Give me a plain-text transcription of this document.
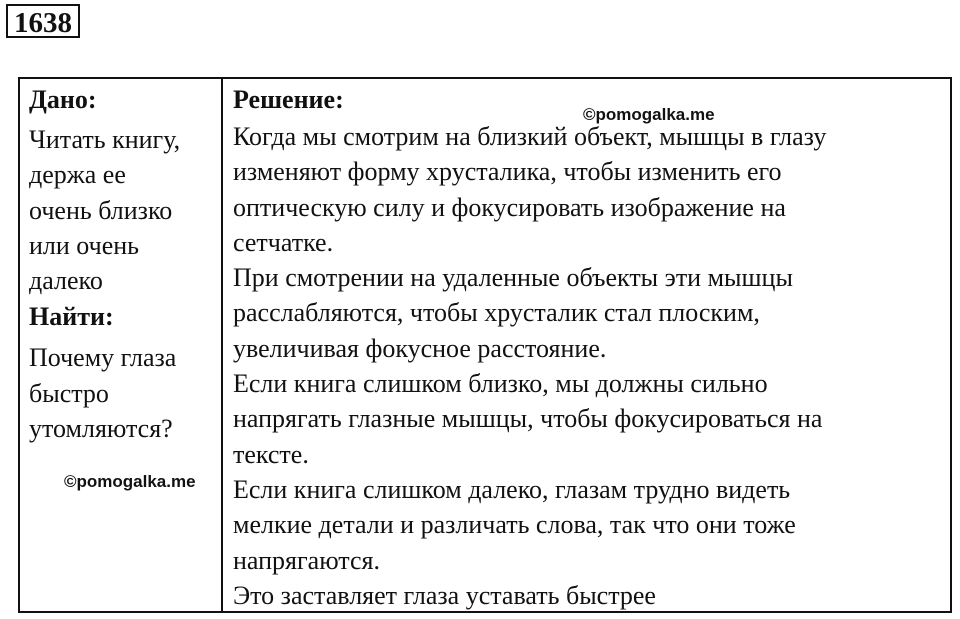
1638
Дано:
Читать книгу,
держа ее
очень близко
или очень
далеко
Найти:
Почему глаза
быстро
утомляются?
©pomogalka.me
Решение:
Когда мы смотрим на близкий объект, мышцы в глазу
изменяют форму хрусталика, чтобы изменить его
оптическую силу и фокусировать изображение на
сетчатке.
При смотрении на удаленные объекты эти мышцы
расслабляются, чтобы хрусталик стал плоским,
увеличивая фокусное расстояние.
Если книга слишком близко, мы должны сильно
напрягать глазные мышцы, чтобы фокусироваться на
тексте.
Если книга слишком далеко, глазам трудно видеть
мелкие детали и различать слова, так что они тоже
напрягаются.
Это заставляет глаза уставать быстрее
©pomogalka.me
